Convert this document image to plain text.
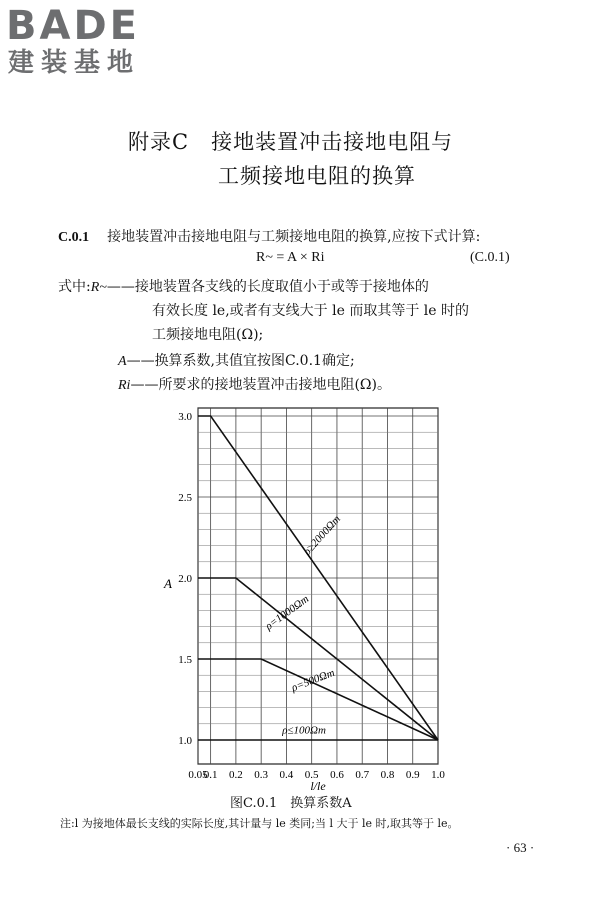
BADE
建装基地
附录C　接地装置冲击接地电阻与
工频接地电阻的换算
C.0.1 接地装置冲击接地电阻与工频接地电阻的换算,应按下式计算:
R~ = A × Ri	(C.0.1)
式中:R~——接地装置各支线的长度取值小于或等于接地体的
有效长度 le,或者有支线大于 le 而取其等于 le 时的
工频接地电阻(Ω);
A——换算系数,其值宜按图C.0.1确定;
Ri——所要求的接地装置冲击接地电阻(Ω)。
0.05
0.1 0.2 0.3 0.4 0.5 0.6 0.7 0.8 0.9 1.0
1.0
1.5
2.0
2.5
3.0
ρ≥2000Ωm
ρ=1000Ωm
ρ=500Ωm
ρ≤100Ωm
A
l/le
图C.0.1　换算系数A
注:l 为接地体最长支线的实际长度,其计量与 le 类同;当 l 大于 le 时,取其等于 le。
· 63 ·
